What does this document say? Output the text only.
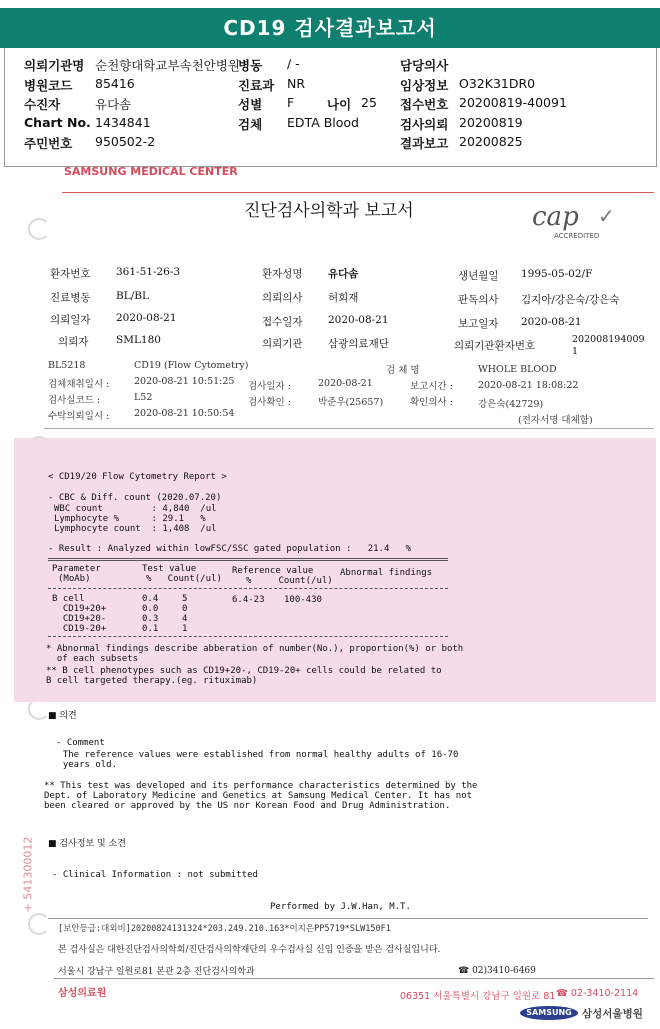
CD19 검사결과보고서
의뢰기관명 순천향대학교부속천안병원
병원코드 85416
수진자	유다솜
Chart No. 1434841
주민번호 950502-2
병동 / -
진료과 NR
성별 F	나이 25
검체 EDTA Blood
담당의사
임상정보 O32K31DR0
접수번호 20200819-40091
검사의뢰 20200819
결과보고 20200825
SAMSUNG MEDICAL CENTER
진단검사의학과 보고서	cap ✓
ACCREDITED
환자번호 361-51-26-3	환자성명 유다솜	생년월일 1995-05-02/F
진료병동 BL/BL	의뢰의사 허회재	판독의사 김지아/강은숙/강은숙
의뢰일자 2020-08-21	접수일자 2020-08-21	보고일자 2020-08-21
의뢰자	SML180	의뢰기관 삼광의료재단	의뢰기관환자번호
202008194009
1
BL5218	CD19 (Flow Cytometry)	검 체 명	WHOLE BLOOD
검체채취일시 :	2020-08-21 10:51:25 검사일자 :	2020-08-21	보고시간 :	2020-08-21 18:08:22
검사실코드 :	L52	검사확인 :	박준우(25657)	확인의사 :	강은숙(42729)
수탁의뢰일시 :	2020-08-21 10:50:54
(전자서명 대체함)
< CD19/20 Flow Cytometry Report >
- CBC & Diff. count (2020.07.20)
WBC count         : 4,840  /ul
Lymphocyte %      : 29.1   %
Lymphocyte count  : 1,408  /ul
- Result : Analyzed within lowFSC/SSC gated population :   21.4   %
Parameter
(MoAb)
Test value
%   Count(/ul)
Reference value
%     Count(/ul)
Abnormal findings
B cell	0.4	5	6.4-23 100-430
CD19+20+	0.0	0
CD19+20-	0.3	4
CD19-20+	0.1	1
* Abnormal findings describe abberation of number(No.), proportion(%) or both
of each subsets
** B cell phenotypes such as CD19+20-, CD19-20+ cells could be related to
B cell targeted therapy.(eg. rituximab)
■ 의견
- Comment
The reference values were established from normal healthy adults of 16-70
years old.
** This test was developed and its performance characteristics determined by the
Dept. of Laboratory Medicine and Genetics at Samsung Medical Center. It has not
been cleared or approved by the US nor Korean Food and Drug Administration.
+ 541300012 ■ 검사정보 및 소견
- Clinical Information : not submitted
Performed by J.W.Han, M.T.
[보안등급:대외비]20200824131324*203.249.210.163*이지은PP5719*SLW150F1
본 검사실은 대한진단검사의학회/진단검사의학재단의 우수검사실 신임 인증을 받은 검사실입니다.
서울시 강남구 일원로81 본관 2층 진단검사의학과	☎ 02)3410-6469
삼성의료원	06351 서울특별시 강남구 일원로 81 ☎ 02-3410-2114
SAMSUNG 삼성서울병원
